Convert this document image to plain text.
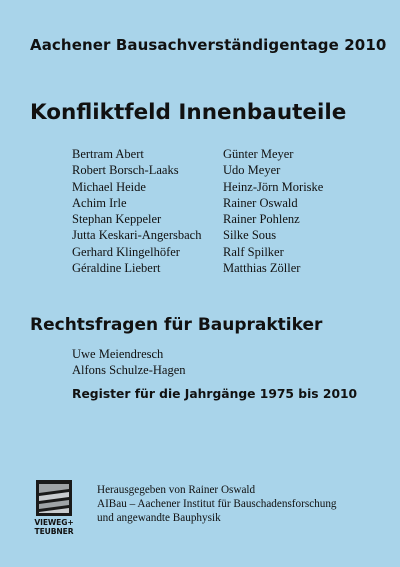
Aachener Bausachverständigentage 2010
Konfliktfeld Innenbauteile
Bertram Abert
Robert Borsch-Laaks
Michael Heide
Achim Irle
Stephan Keppeler
Jutta Keskari-Angersbach
Gerhard Klingelhöfer
Géraldine Liebert
Günter Meyer
Udo Meyer
Heinz-Jörn Moriske
Rainer Oswald
Rainer Pohlenz
Silke Sous
Ralf Spilker
Matthias Zöller
Rechtsfragen für Baupraktiker
Uwe Meiendresch
Alfons Schulze-Hagen
Register für die Jahrgänge 1975 bis 2010
VIEWEG+
TEUBNER
Herausgegeben von Rainer Oswald
AIBau – Aachener Institut für Bauschadensforschung
und angewandte Bauphysik
